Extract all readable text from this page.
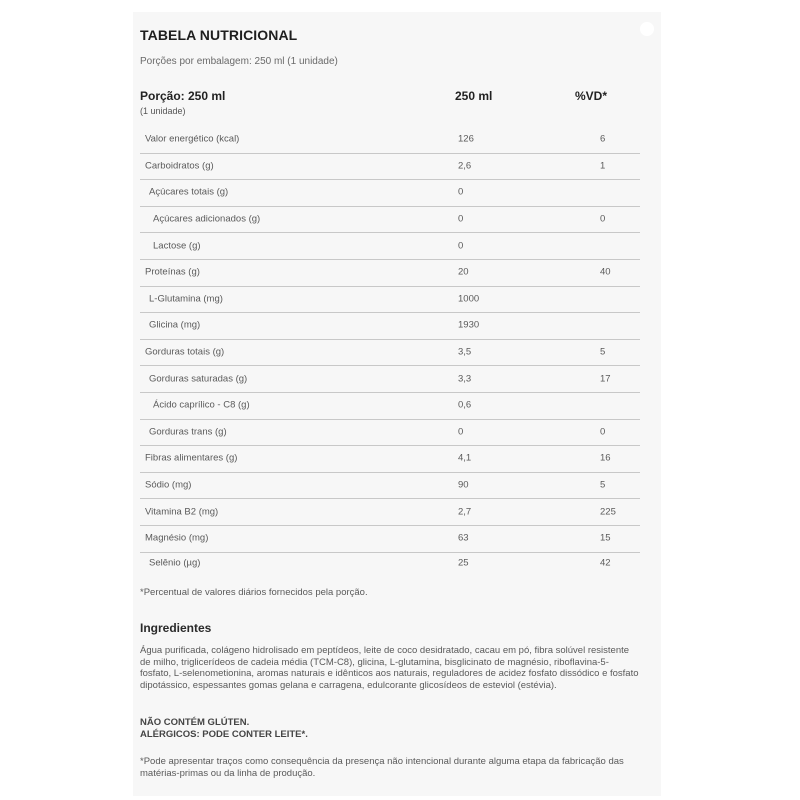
TABELA NUTRICIONAL
Porções por embalagem: 250 ml (1 unidade)
Porção: 250 ml	250 ml	%VD*
(1 unidade)
Valor energético (kcal)	126	6
Carboidratos (g)	2,6	1
Açúcares totais (g)	0
Açúcares adicionados (g)	0	0
Lactose (g)	0
Proteínas (g)	20	40
L-Glutamina (mg)	1000
Glicina (mg)	1930
Gorduras totais (g)	3,5	5
Gorduras saturadas (g)	3,3	17
Ácido caprílico - C8 (g)	0,6
Gorduras trans (g)	0	0
Fibras alimentares (g)	4,1	16
Sódio (mg)	90	5
Vitamina B2 (mg)	2,7	225
Magnésio (mg)	63	15
Selênio (µg)	25	42
*Percentual de valores diários fornecidos pela porção.
Ingredientes
Água purificada, colágeno hidrolisado em peptídeos, leite de coco desidratado, cacau em pó, fibra solúvel resistente de milho, triglicerídeos de cadeia média (TCM-C8), glicina, L-glutamina, bisglicinato de magnésio, riboflavina-5-fosfato, L-selenometionina, aromas naturais e idênticos aos naturais, reguladores de acidez fosfato dissódico e fosfato dipotássico, espessantes gomas gelana e carragena, edulcorante glicosídeos de esteviol (estévia).
NÃO CONTÉM GLÚTEN.
ALÉRGICOS: PODE CONTER LEITE*.
*Pode apresentar traços como consequência da presença não intencional durante alguma etapa da fabricação das matérias-primas ou da linha de produção.
